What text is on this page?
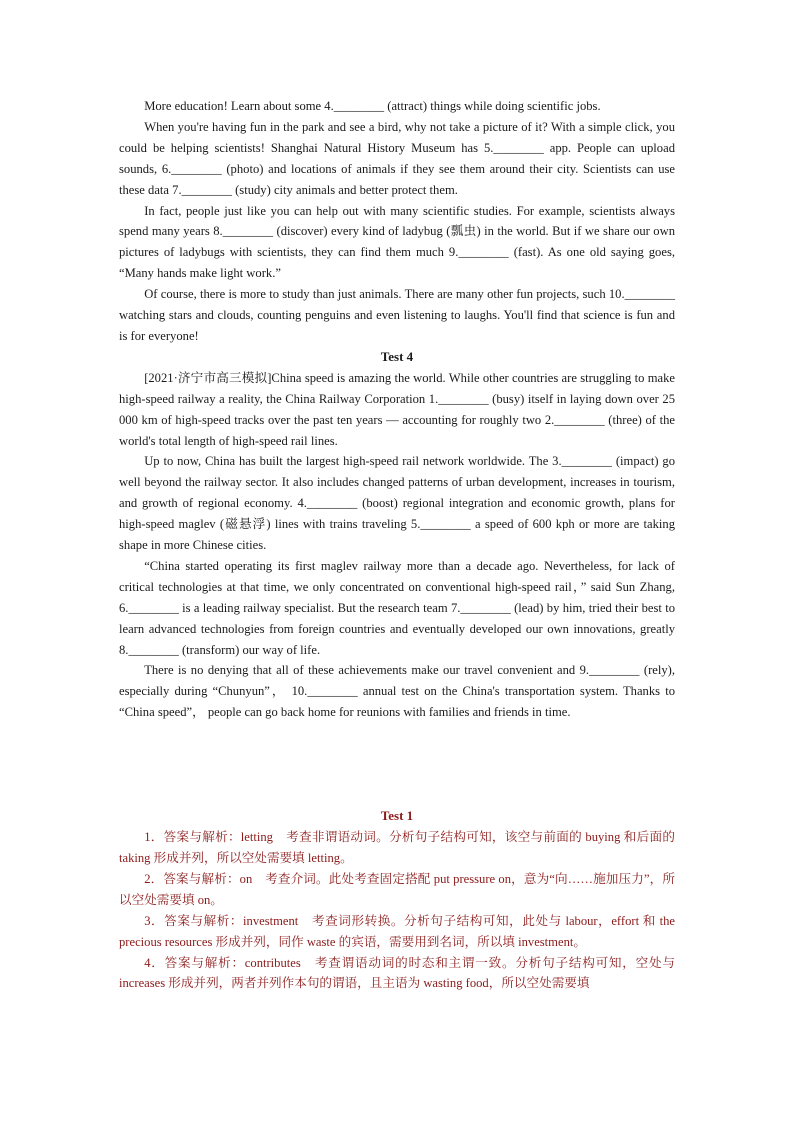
More education! Learn about some 4.________ (attract) things while doing scientific jobs.

When you're having fun in the park and see a bird, why not take a picture of it? With a simple click, you could be helping scientists! Shanghai Natural History Museum has 5.________ app. People can upload sounds, 6.________ (photo) and locations of animals if they see them around their city. Scientists can use these data 7.________ (study) city animals and better protect them.

In fact, people just like you can help out with many scientific studies. For example, scientists always spend many years 8.________ (discover) every kind of ladybug (瓢虫) in the world. But if we share our own pictures of ladybugs with scientists, they can find them much 9.________ (fast). As one old saying goes, “Many hands make light work.”

Of course, there is more to study than just animals. There are many other fun projects, such 10.________ watching stars and clouds, counting penguins and even listening to laughs. You'll find that science is fun and is for everyone!

Test 4

[2021·济宁市高三模拟]China speed is amazing the world. While other countries are struggling to make high-speed railway a reality, the China Railway Corporation 1.________ (busy) itself in laying down over 25 000 km of high-speed tracks over the past ten years — accounting for roughly two 2.________ (three) of the world's total length of high-speed rail lines.

Up to now, China has built the largest high-speed rail network worldwide. The 3.________ (impact) go well beyond the railway sector. It also includes changed patterns of urban development, increases in tourism, and growth of regional economy. 4.________ (boost) regional integration and economic growth, plans for high-speed maglev (磁悬浮) lines with trains traveling 5.________ a speed of 600 kph or more are taking shape in more Chinese cities.

“China started operating its first maglev railway more than a decade ago. Nevertheless, for lack of critical technologies at that time, we only concentrated on conventional high-speed rail，” said Sun Zhang, 6.________ is a leading railway specialist. But the research team 7.________ (lead) by him, tried their best to learn advanced technologies from foreign countries and eventually developed our own innovations, greatly 8.________ (transform) our way of life.

There is no denying that all of these achievements make our travel convenient and 9.________ (rely), especially during “Chunyun”， 10.________ annual test on the China's transportation system. Thanks to “China speed”， people can go back home for reunions with families and friends in time.

Test 1

1．答案与解析：letting　考查非谓语动词。分析句子结构可知，该空与前面的 buying 和后面的 taking 形成并列，所以空处需要填 letting。

2．答案与解析：on　考查介词。此处考查固定搭配 put pressure on，意为“向……施加压力”，所以空处需要填 on。

3．答案与解析：investment　考查词形转换。分析句子结构可知，此处与 labour，effort 和 the precious resources 形成并列，同作 waste 的宾语，需要用到名词，所以填 investment。

4．答案与解析：contributes　考查谓语动词的时态和主谓一致。分析句子结构可知，空处与 increases 形成并列，两者并列作本句的谓语，且主语为 wasting food，所以空处需要填
